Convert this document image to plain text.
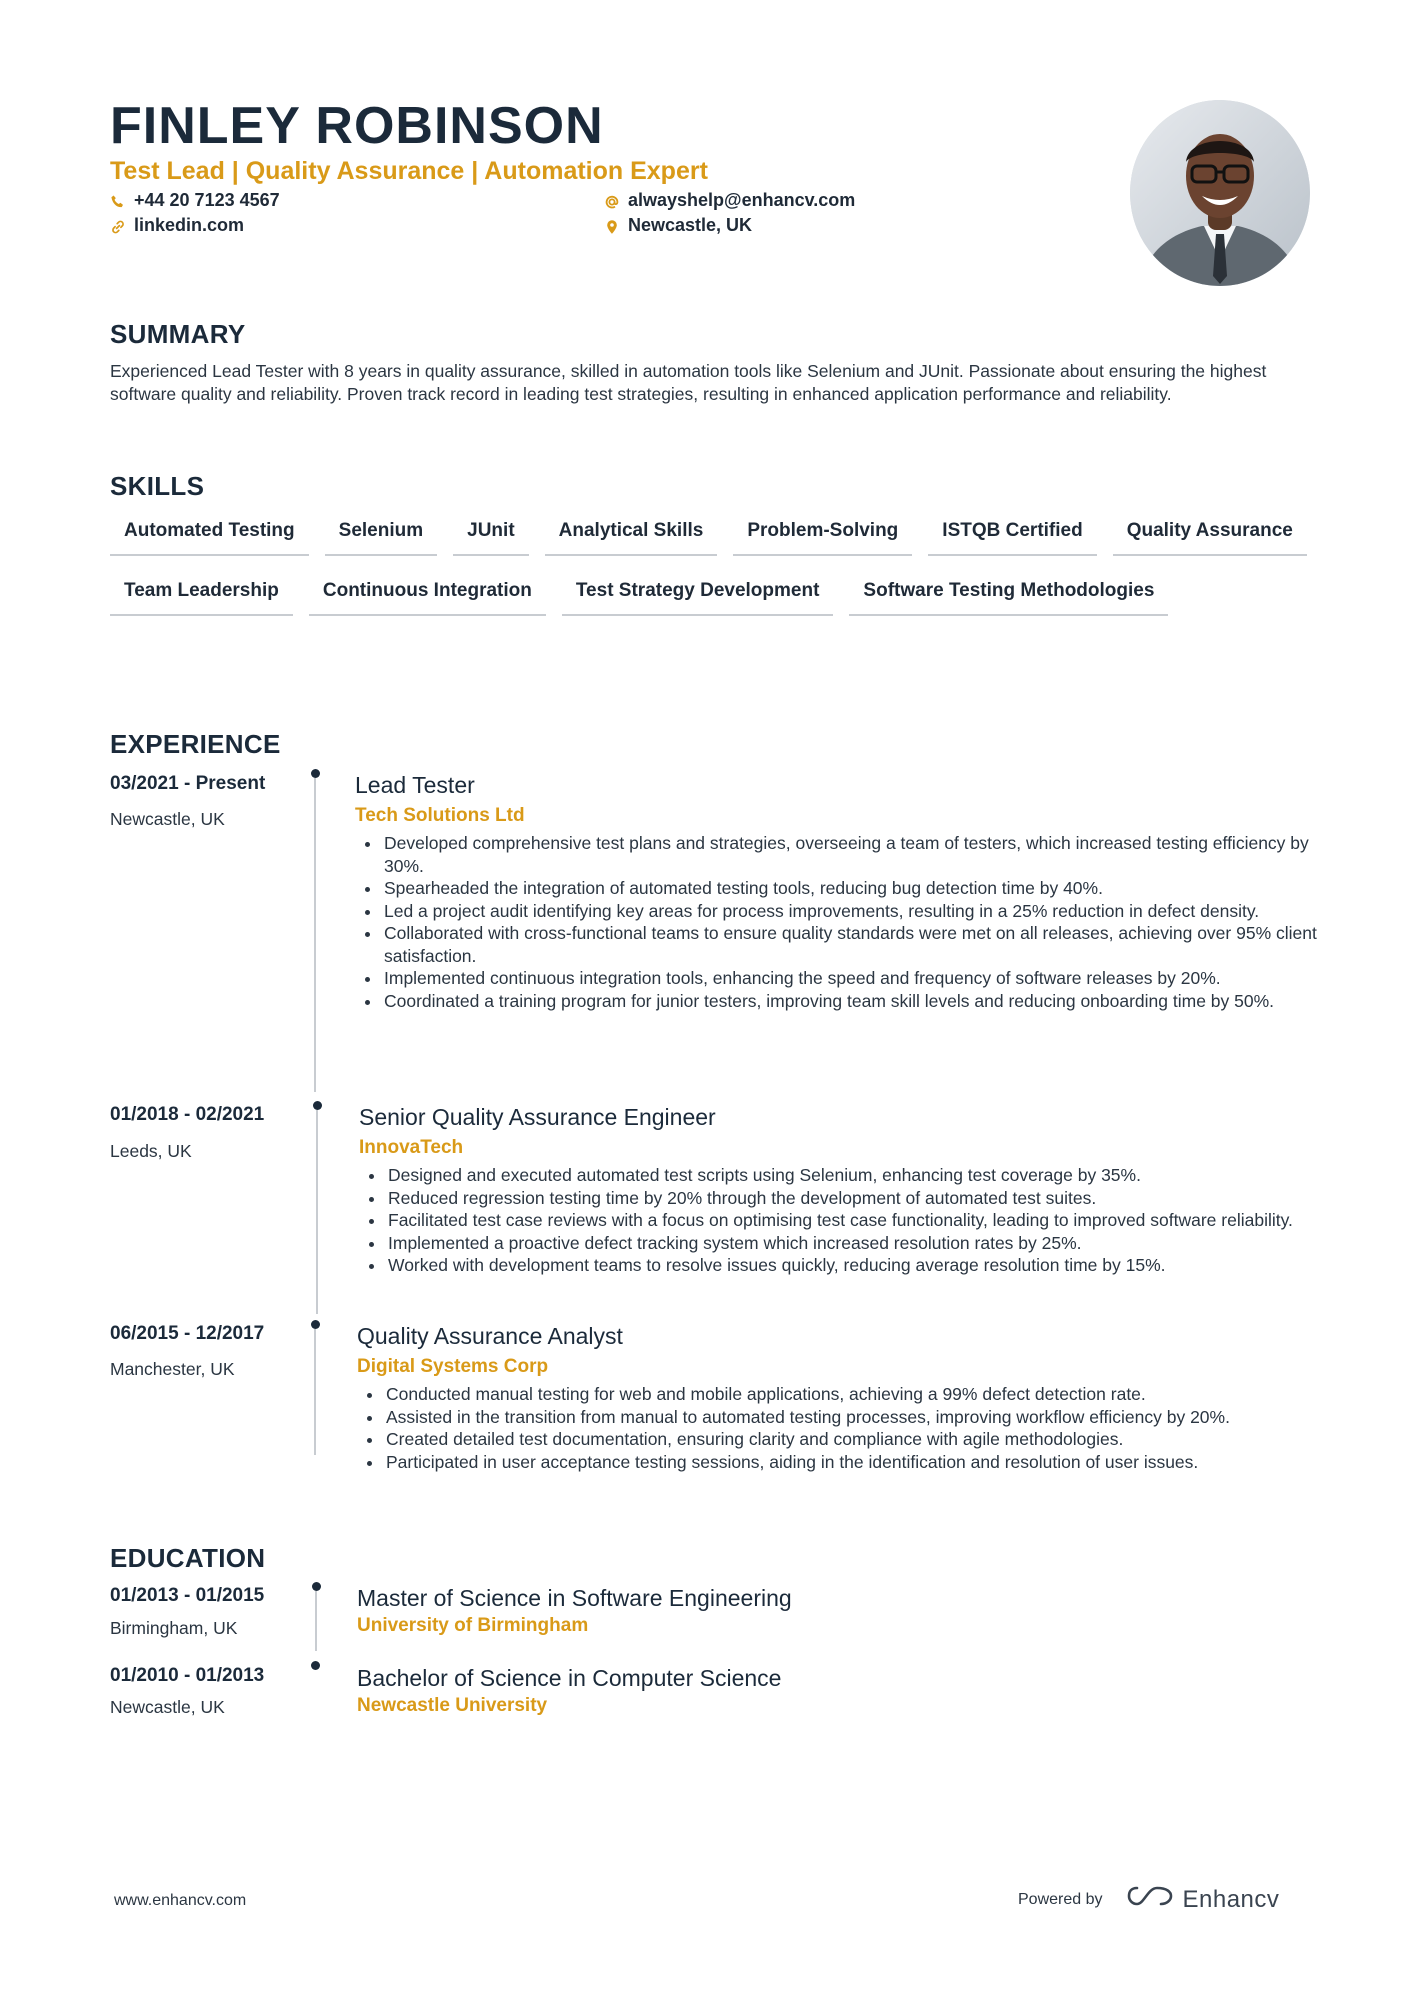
FINLEY ROBINSON
Test Lead | Quality Assurance | Automation Expert
+44 20 7123 4567	alwayshelp@enhancv.com
linkedin.com	Newcastle, UK
SUMMARY
Experienced Lead Tester with 8 years in quality assurance, skilled in automation tools like Selenium and JUnit. Passionate about ensuring the highest software quality and reliability. Proven track record in leading test strategies, resulting in enhanced application performance and reliability.
SKILLS
Automated Testing	Selenium	JUnit	Analytical Skills	Problem-Solving	ISTQB Certified	Quality Assurance
Team Leadership	Continuous Integration	Test Strategy Development	Software Testing Methodologies
EXPERIENCE
03/2021 - Present
Newcastle, UK
Lead Tester
Tech Solutions Ltd
• Developed comprehensive test plans and strategies, overseeing a team of testers, which increased testing efficiency by 30%.
• Spearheaded the integration of automated testing tools, reducing bug detection time by 40%.
• Led a project audit identifying key areas for process improvements, resulting in a 25% reduction in defect density.
• Collaborated with cross-functional teams to ensure quality standards were met on all releases, achieving over 95% client satisfaction.
• Implemented continuous integration tools, enhancing the speed and frequency of software releases by 20%.
• Coordinated a training program for junior testers, improving team skill levels and reducing onboarding time by 50%.
01/2018 - 02/2021
Leeds, UK
Senior Quality Assurance Engineer
InnovaTech
• Designed and executed automated test scripts using Selenium, enhancing test coverage by 35%.
• Reduced regression testing time by 20% through the development of automated test suites.
• Facilitated test case reviews with a focus on optimising test case functionality, leading to improved software reliability.
• Implemented a proactive defect tracking system which increased resolution rates by 25%.
• Worked with development teams to resolve issues quickly, reducing average resolution time by 15%.
06/2015 - 12/2017
Manchester, UK
Quality Assurance Analyst
Digital Systems Corp
• Conducted manual testing for web and mobile applications, achieving a 99% defect detection rate.
• Assisted in the transition from manual to automated testing processes, improving workflow efficiency by 20%.
• Created detailed test documentation, ensuring clarity and compliance with agile methodologies.
• Participated in user acceptance testing sessions, aiding in the identification and resolution of user issues.
EDUCATION
01/2013 - 01/2015
Birmingham, UK
Master of Science in Software Engineering
University of Birmingham
01/2010 - 01/2013
Newcastle, UK
Bachelor of Science in Computer Science
Newcastle University
www.enhancv.com	Powered by	Enhancv
